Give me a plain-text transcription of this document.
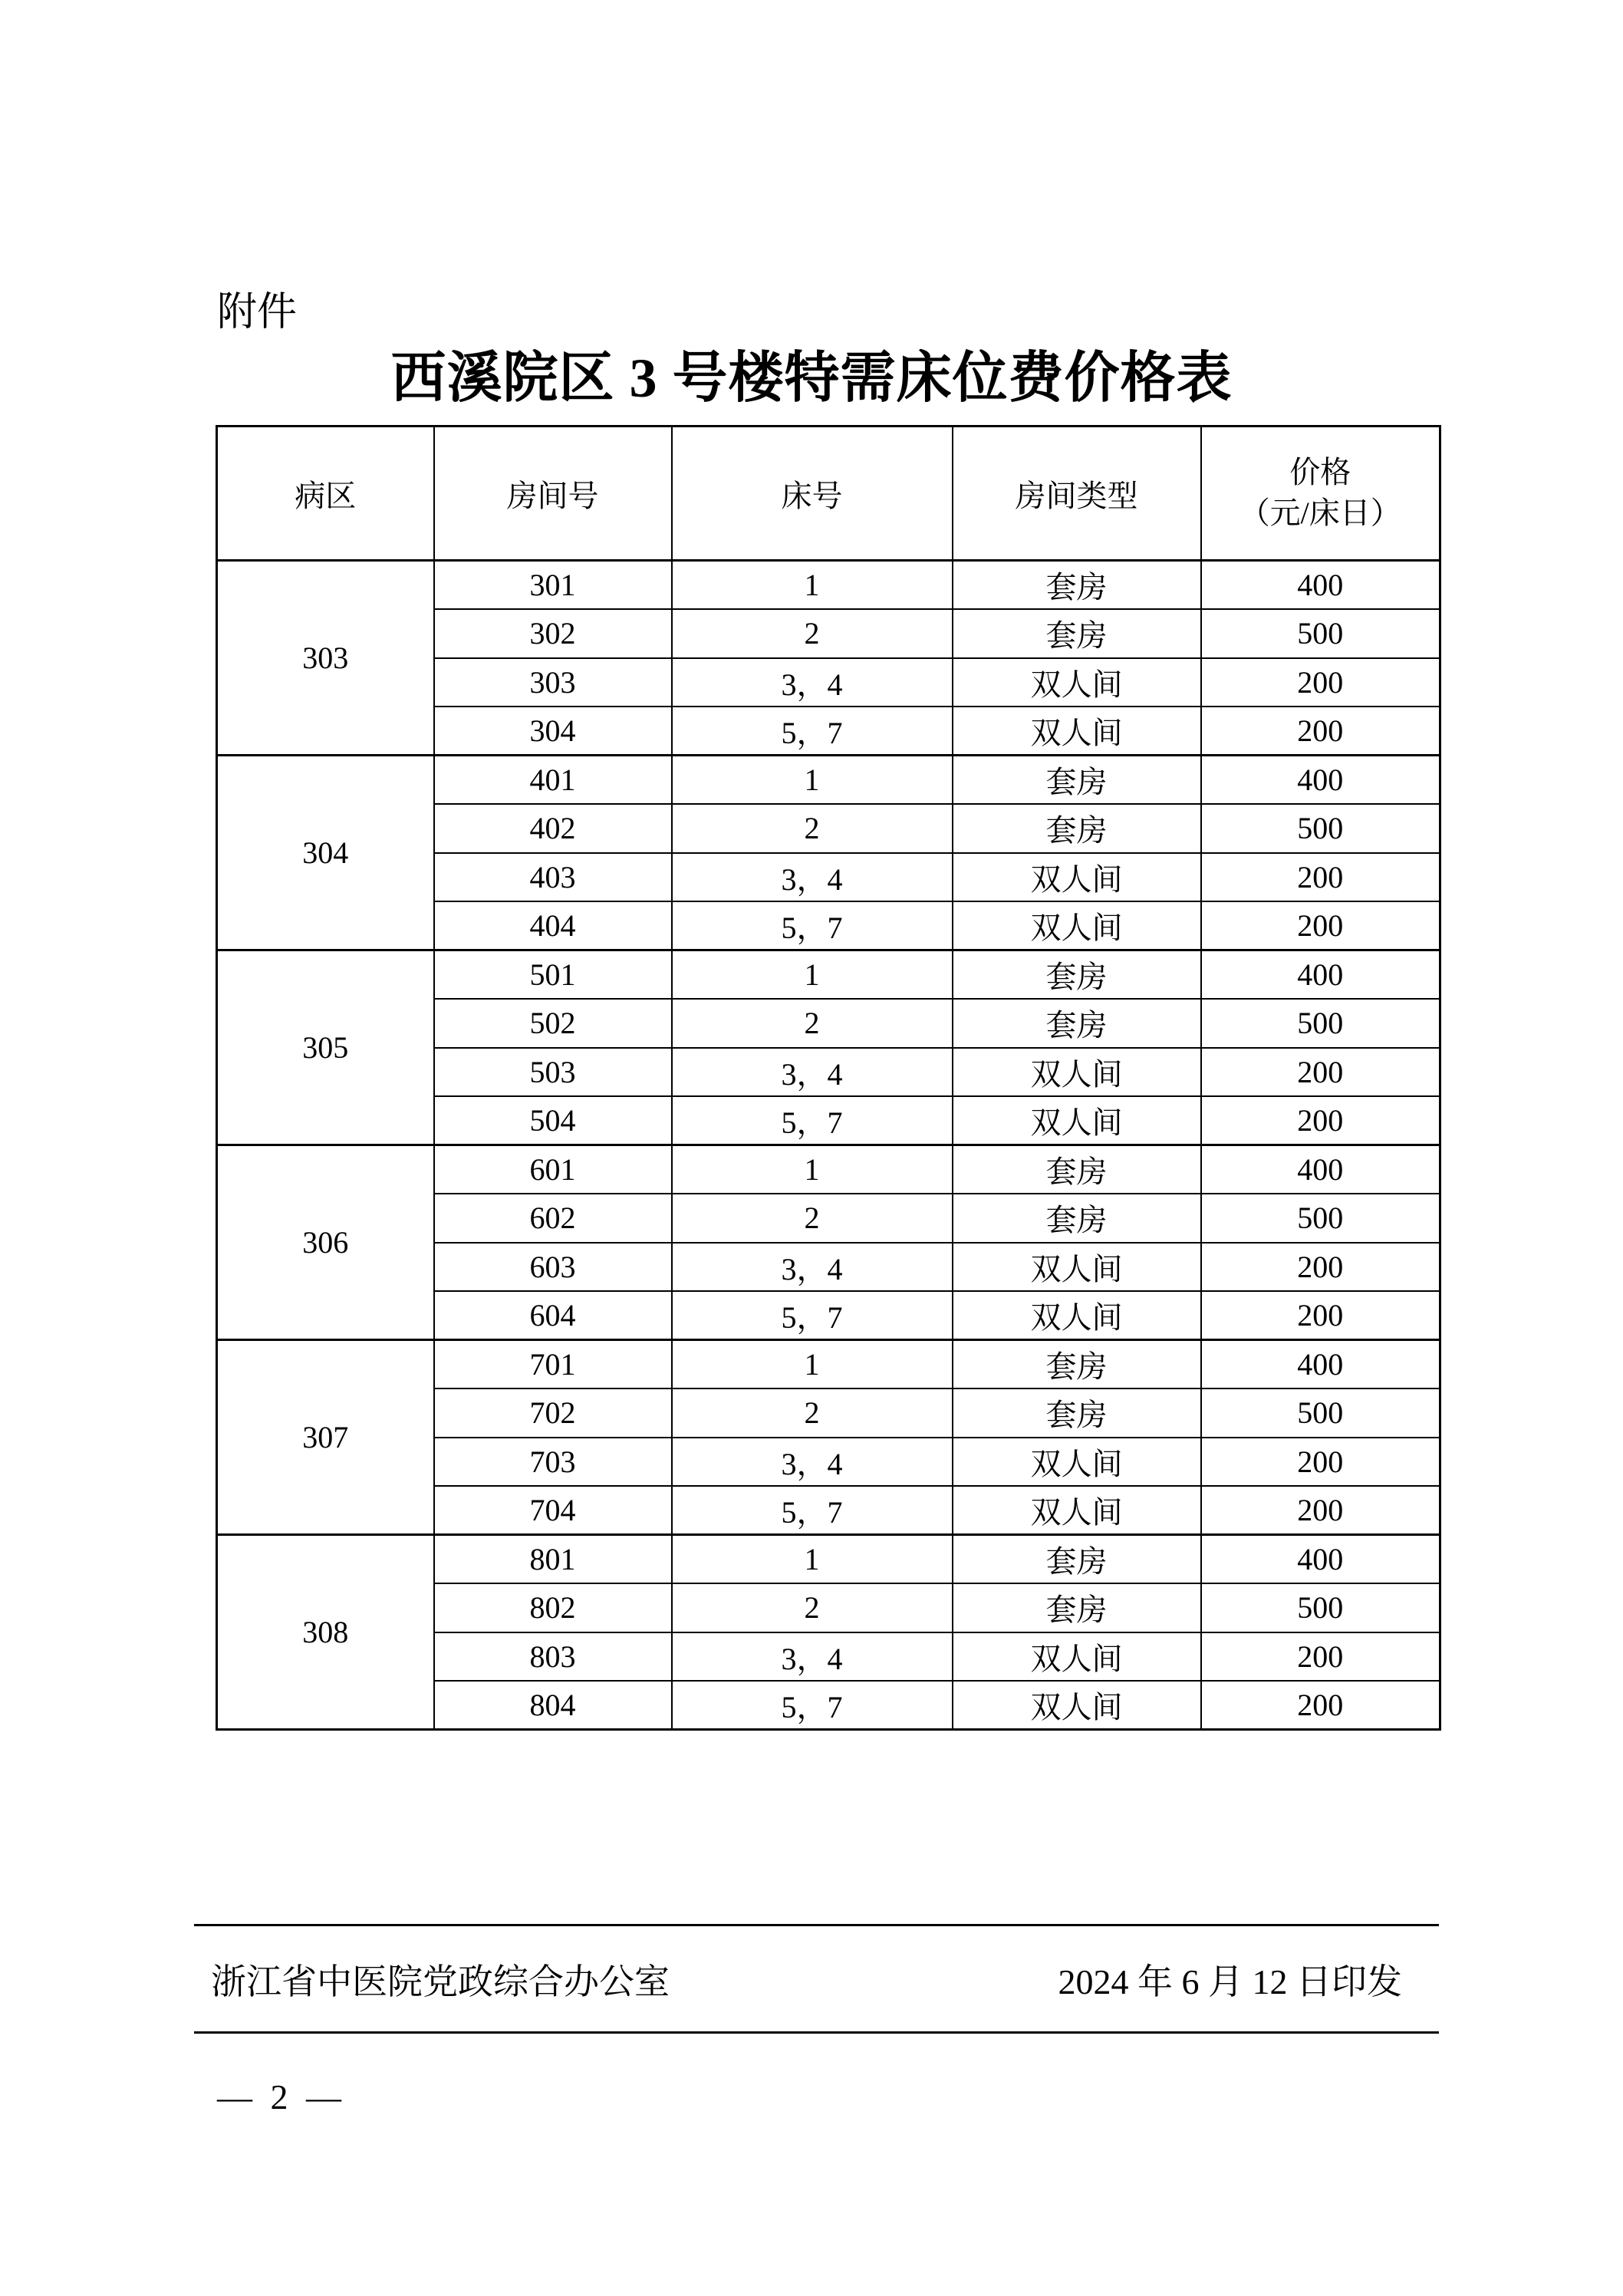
附件
西溪院区 3 号楼特需床位费价格表
病区	房间号	床号	房间类型	价格
（元/床日）

303	301	1	套房	400
	302	2	套房	500
	303	3，4	双人间	200
	304	5，7	双人间	200
304	401	1	套房	400
	402	2	套房	500
	403	3，4	双人间	200
	404	5，7	双人间	200
305	501	1	套房	400
	502	2	套房	500
	503	3，4	双人间	200
	504	5，7	双人间	200
306	601	1	套房	400
	602	2	套房	500
	603	3，4	双人间	200
	604	5，7	双人间	200
307	701	1	套房	400
	702	2	套房	500
	703	3，4	双人间	200
	704	5，7	双人间	200
308	801	1	套房	400
	802	2	套房	500
	803	3，4	双人间	200
	804	5，7	双人间	200
浙江省中医院党政综合办公室	2024 年 6 月 12 日印发
— 2 —
